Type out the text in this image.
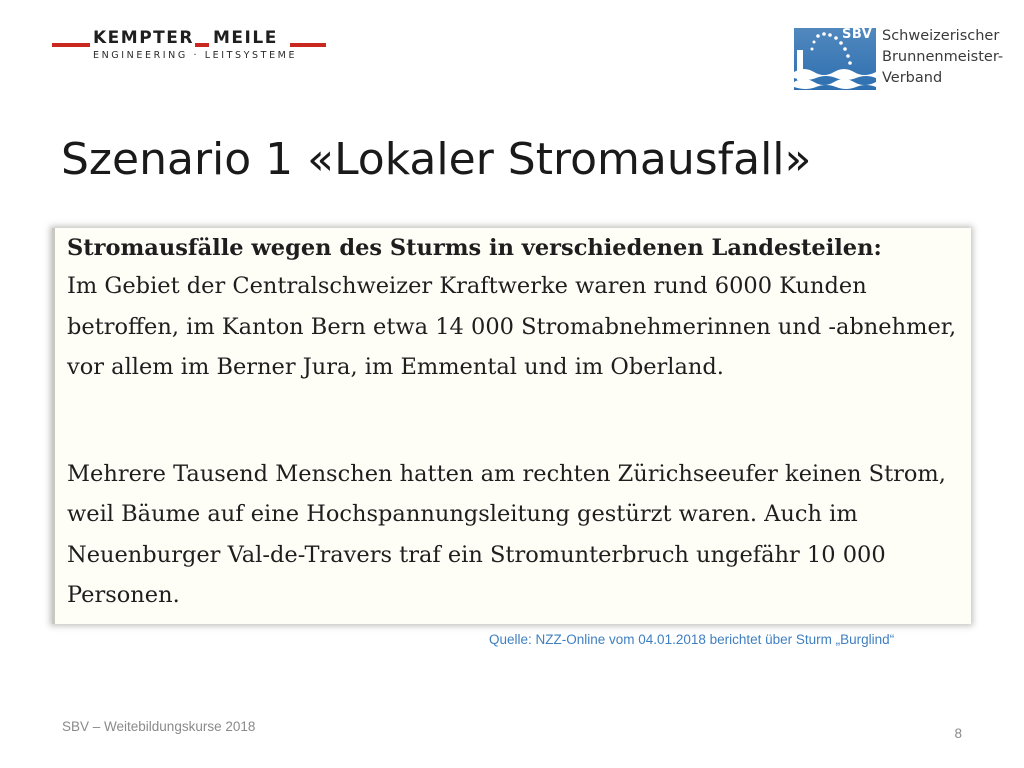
KEMPTER MEILE
ENGINEERING · LEITSYSTEME
Schweizerischer
Brunnenmeister-
Verband
SBV
Szenario 1 «Lokaler Stromausfall»

Stromausfälle wegen des Sturms in verschiedenen Landesteilen:

Im Gebiet der Centralschweizer Kraftwerke waren rund 6000 Kunden betroffen, im Kanton Bern etwa 14 000 Stromabnehmerinnen und -abnehmer, vor allem im Berner Jura, im Emmental und im Oberland.

Mehrere Tausend Menschen hatten am rechten Zürichseeufer keinen Strom, weil Bäume auf eine Hochspannungsleitung gestürzt waren. Auch im Neuenburger Val-de-Travers traf ein Stromunterbruch ungefähr 10 000 Personen.

Quelle: NZZ-Online vom 04.01.2018 berichtet über Sturm „Burglind“
SBV – Weitebildungskurse 2018	8
